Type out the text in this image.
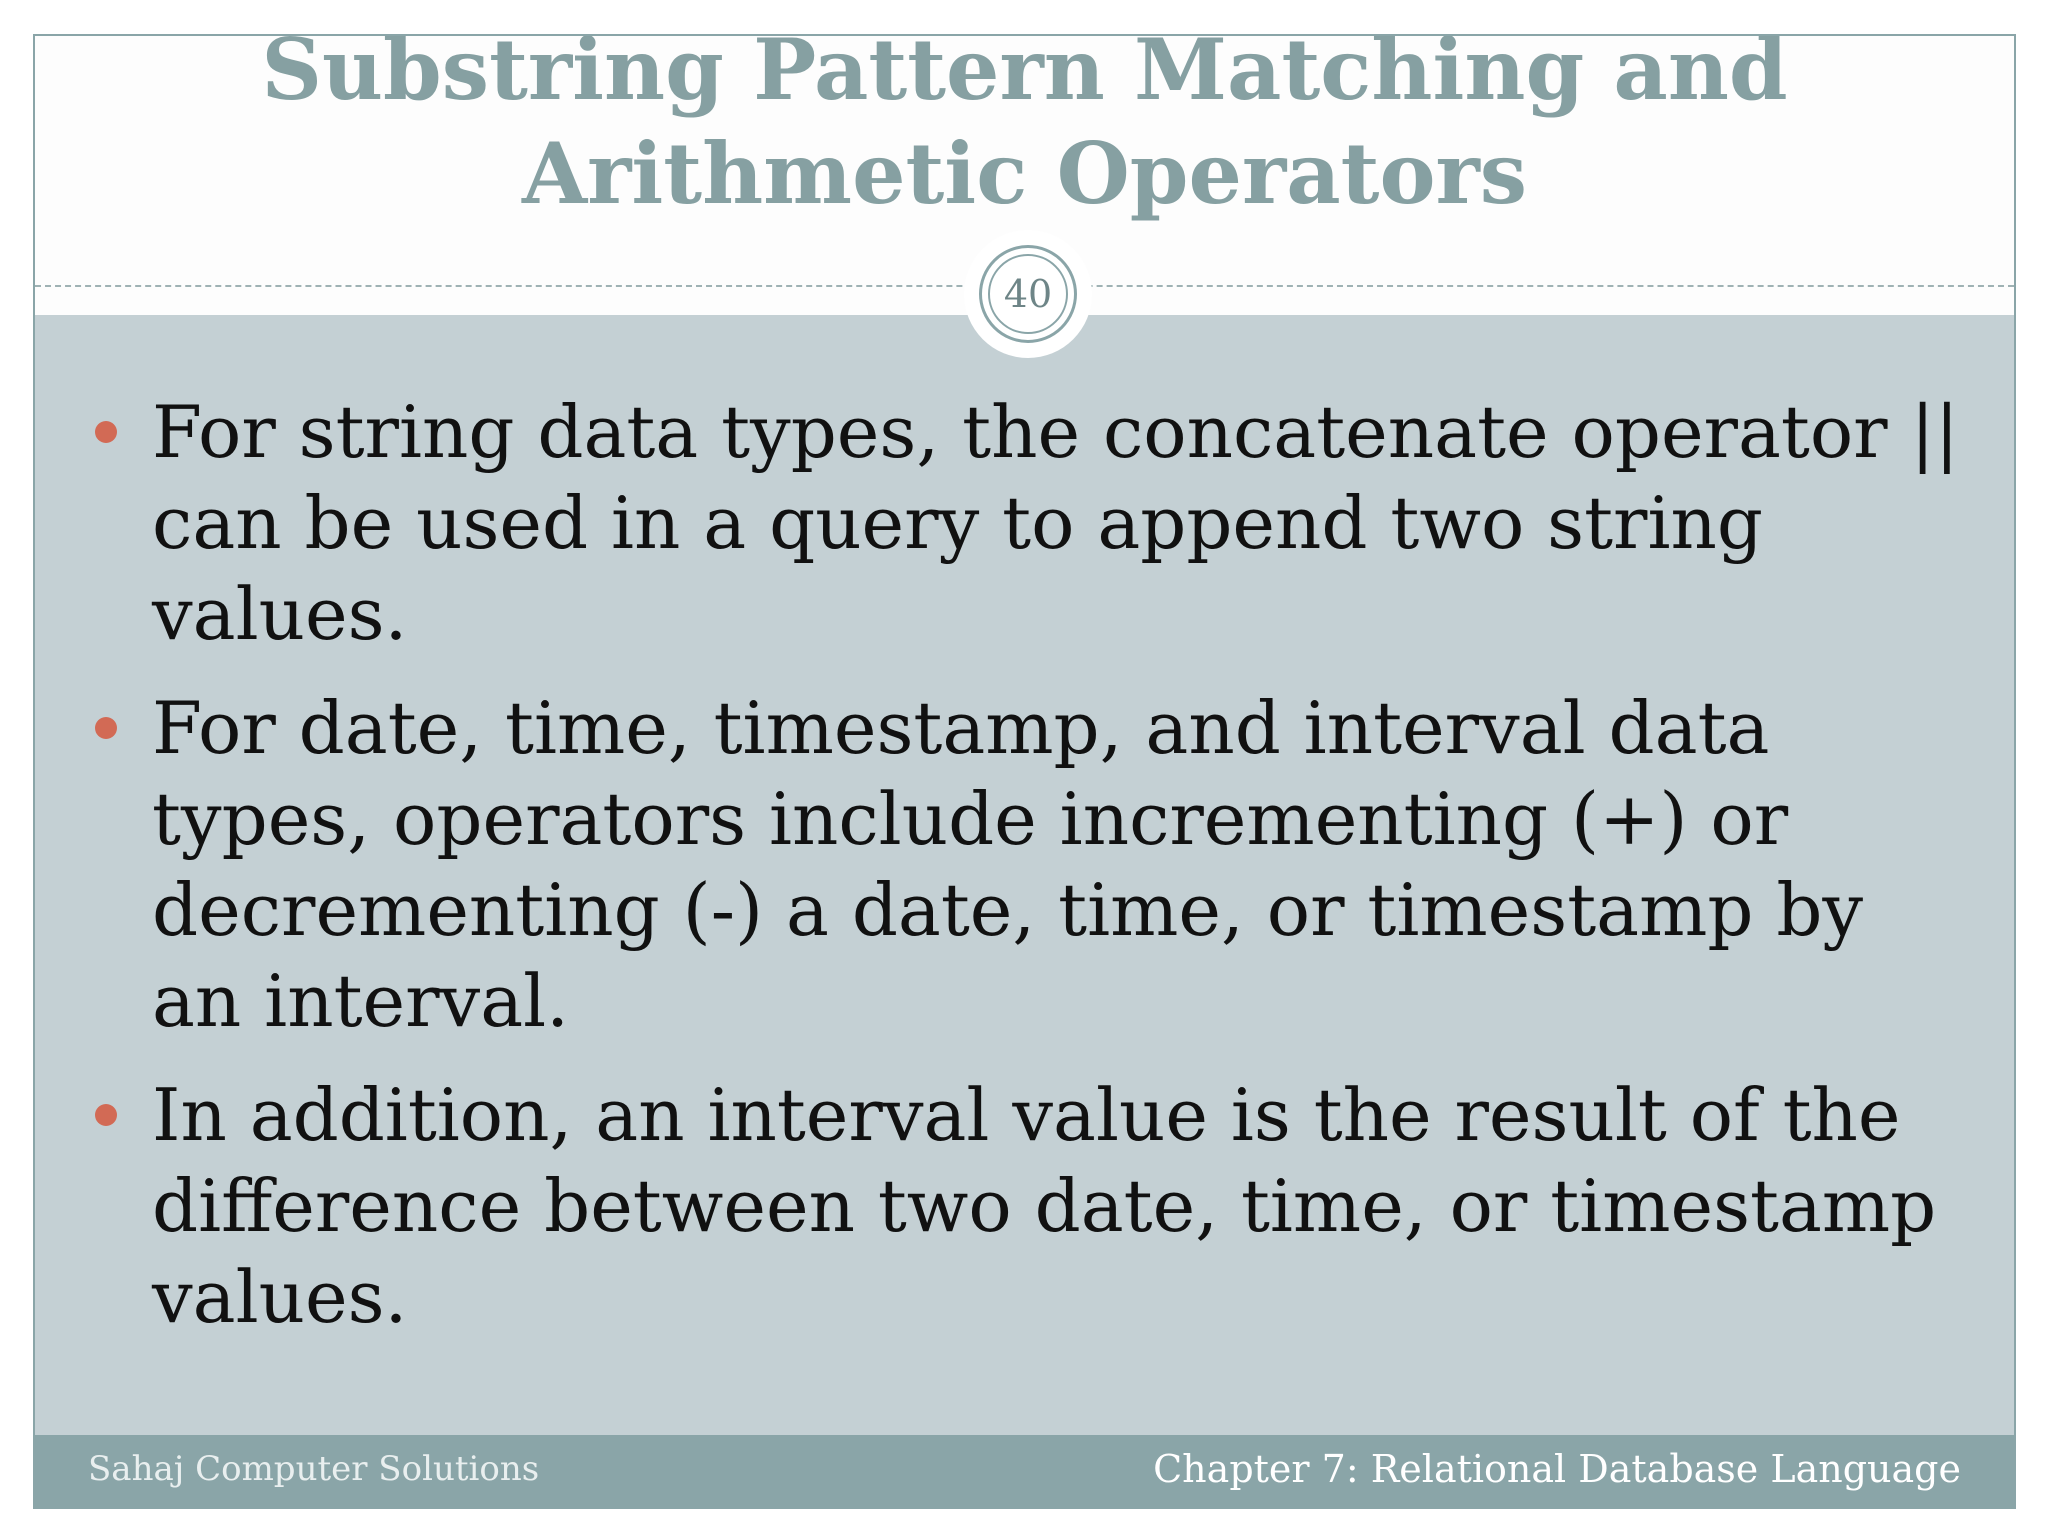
Substring Pattern Matching and
Arithmetic Operators
40
For string data types, the concatenate operator || can be used in a query to append two string values.
For date, time, timestamp, and interval data types, operators include incrementing (+) or decrementing (-) a date, time, or timestamp by an interval.
In addition, an interval value is the result of the difference between two date, time, or timestamp values.
Sahaj Computer Solutions	Chapter 7: Relational Database Language
